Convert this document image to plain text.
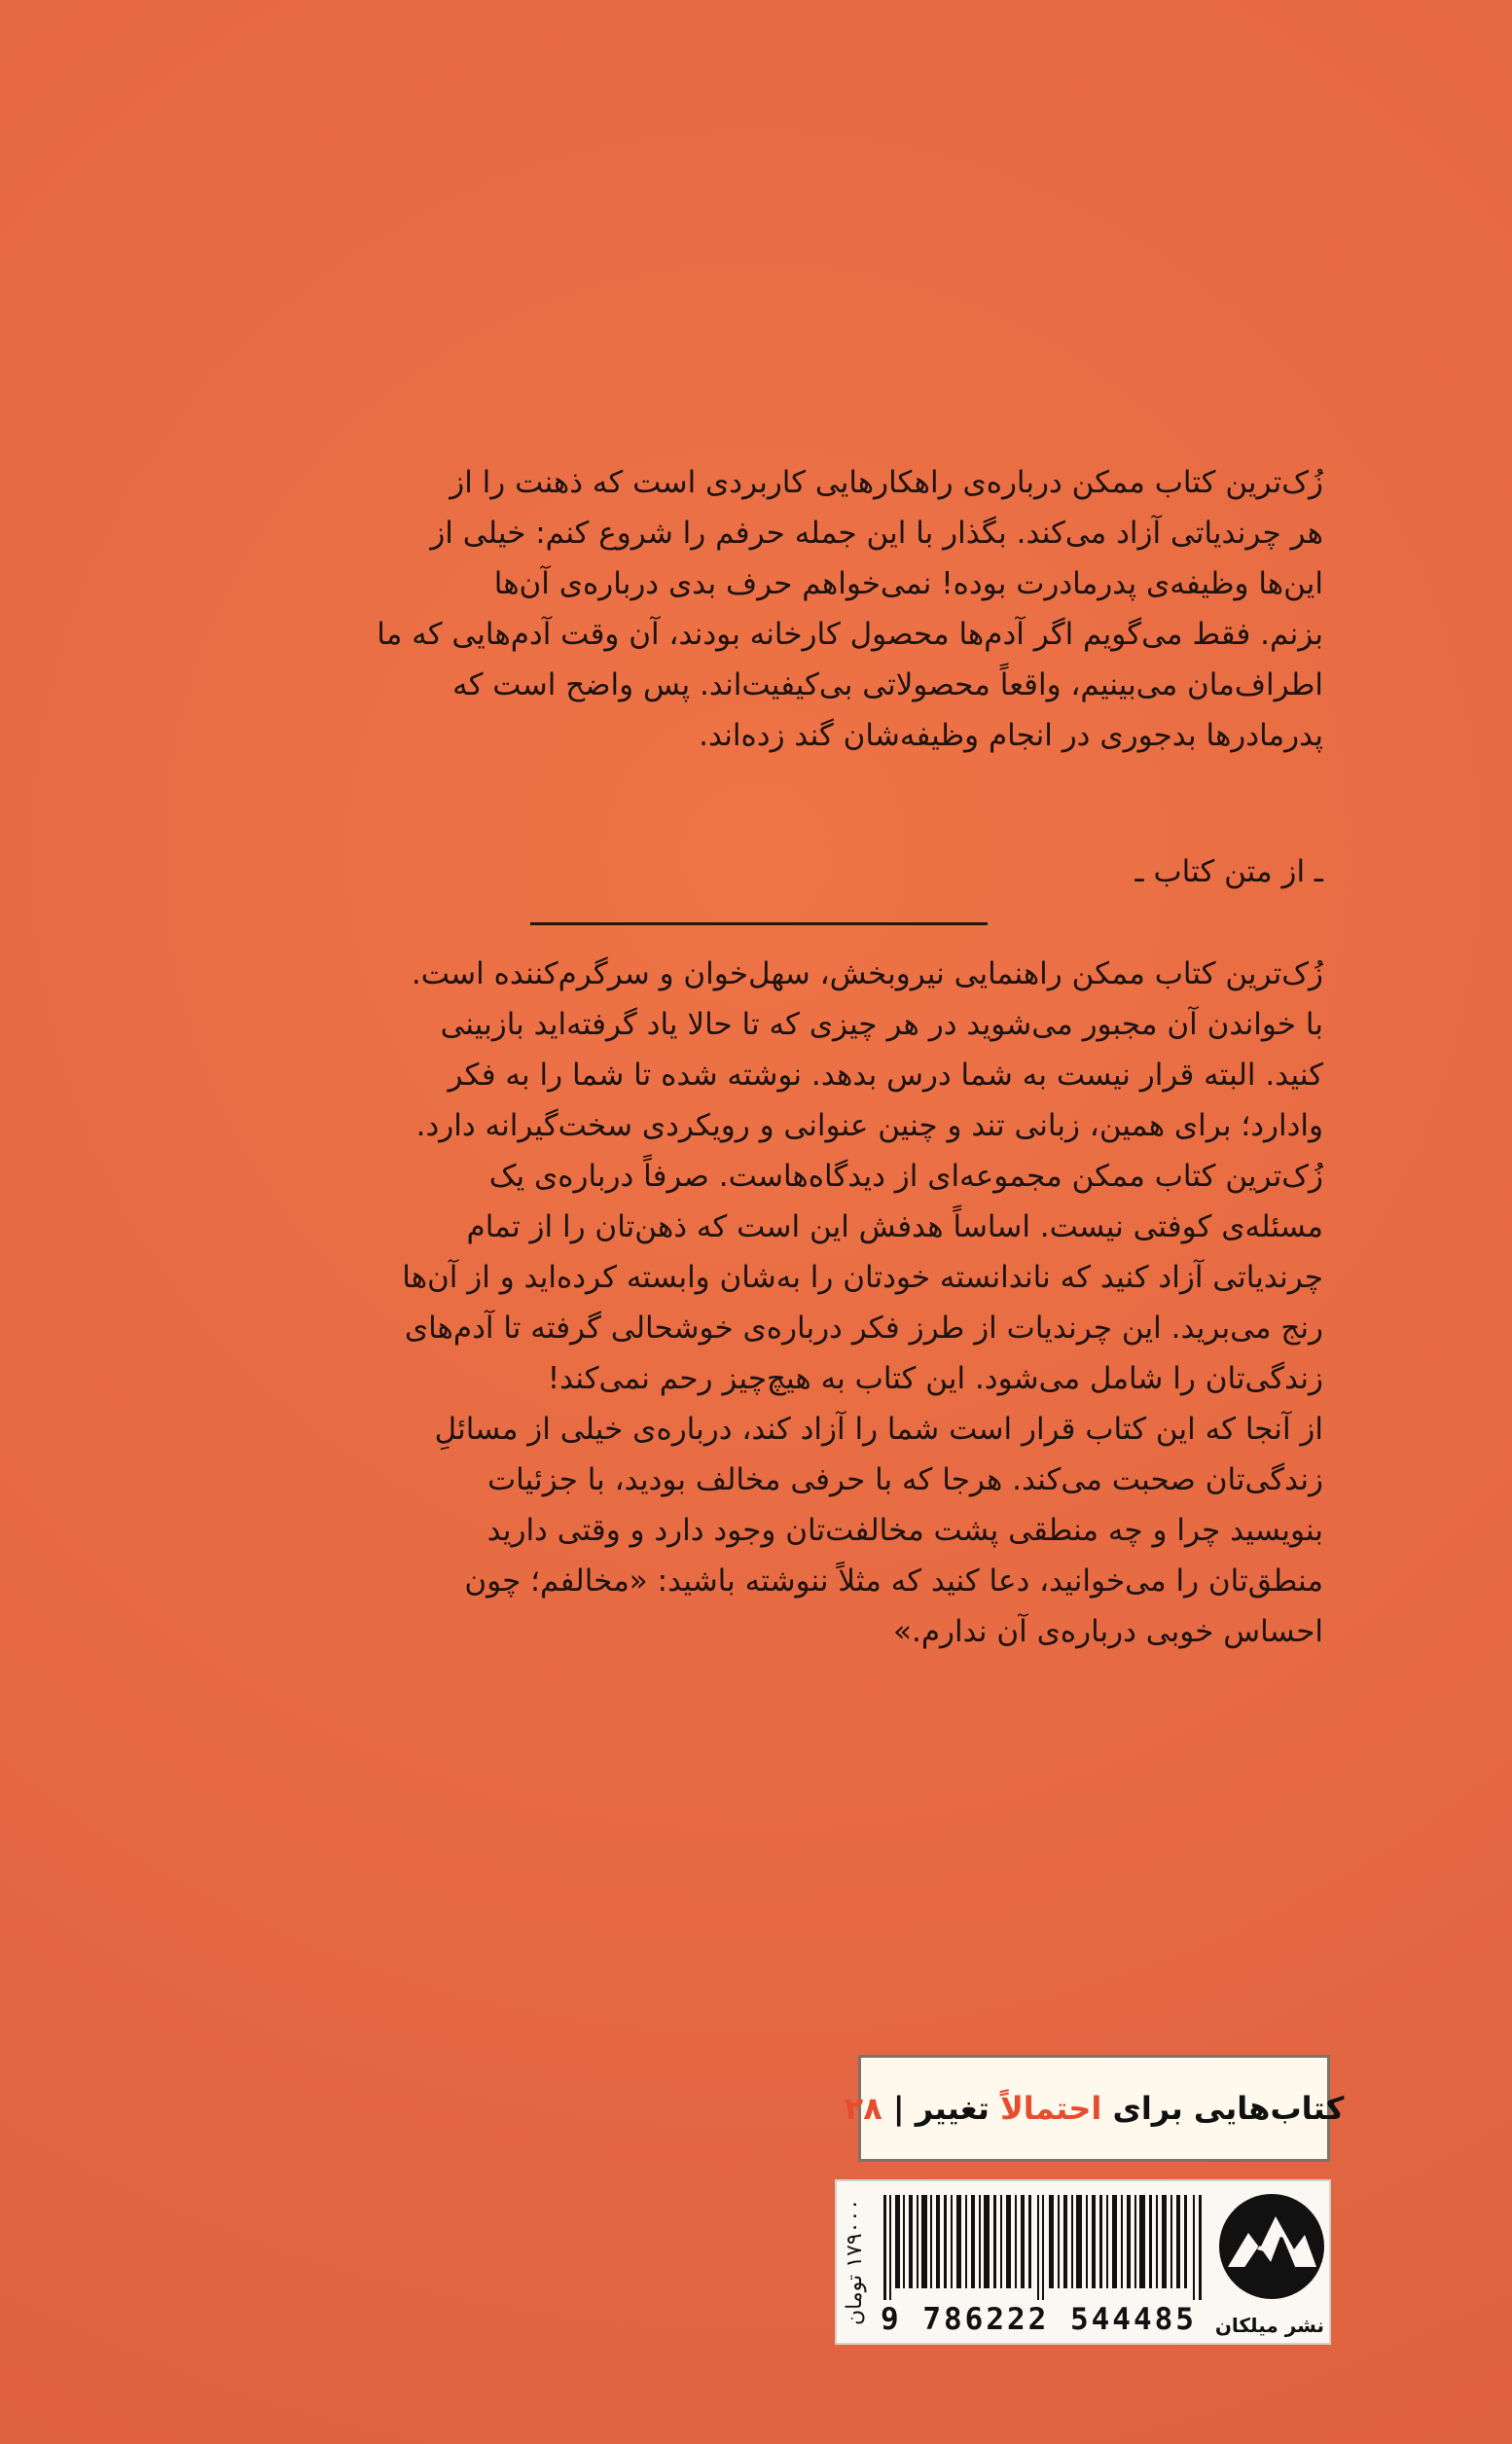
زُک‌ترین کتاب ممکن درباره‌ی راهکارهایی کاربردی است که ذهنت را از
هر چرندیاتی آزاد می‌کند. بگذار با این جمله حرفم را شروع کنم: خیلی از
این‌ها وظیفه‌ی پدرمادرت بوده! نمی‌خواهم حرف بدی درباره‌ی آن‌ها
بزنم. فقط می‌گویم اگر آدم‌ها محصول کارخانه بودند، آن وقت آدم‌هایی که ما
اطراف‌مان می‌بینیم، واقعاً محصولاتی بی‌کیفیت‌اند. پس واضح است که
پدرمادرها بدجوری در انجام وظیفه‌شان گند زده‌اند.
ـ از متن کتاب ـ
زُک‌ترین کتاب ممکن راهنمایی نیروبخش، سهل‌خوان و سرگرم‌کننده است.
با خواندن آن مجبور می‌شوید در هر چیزی که تا حالا یاد گرفته‌اید بازبینی
کنید. البته قرار نیست به شما درس بدهد. نوشته شده تا شما را به فکر
وادارد؛ برای همین، زبانی تند و چنین عنوانی و رویکردی سخت‌گیرانه دارد.
زُک‌ترین کتاب ممکن مجموعه‌ای از دیدگاه‌هاست. صرفاً درباره‌ی یک
مسئله‌ی کوفتی نیست. اساساً هدفش این است که ذهن‌تان را از تمام
چرندیاتی آزاد کنید که ناندانسته خودتان را به‌شان وابسته کرده‌اید و از آن‌ها
رنج می‌برید. این چرندیات از طرز فکر درباره‌ی خوشحالی گرفته تا آدم‌های
زندگی‌تان را شامل می‌شود. این کتاب به هیچ‌چیز رحم نمی‌کند!
از آنجا که این کتاب قرار است شما را آزاد کند، درباره‌ی خیلی از مسائلِ
زندگی‌تان صحبت می‌کند. هرجا که با حرفی مخالف بودید، با جزئیات
بنویسید چرا و چه منطقی پشت مخالفت‌تان وجود دارد و وقتی دارید
منطق‌تان را می‌خوانید، دعا کنید که مثلاً ننوشته باشید: «مخالفم؛ چون
احساس خوبی درباره‌ی آن ندارم.»
کتاب‌هایی برای

احتمالاً

تغییر

|

۲۸
۱۷۹۰۰۰ تومان
9 786222 544485 نشر میلکان
